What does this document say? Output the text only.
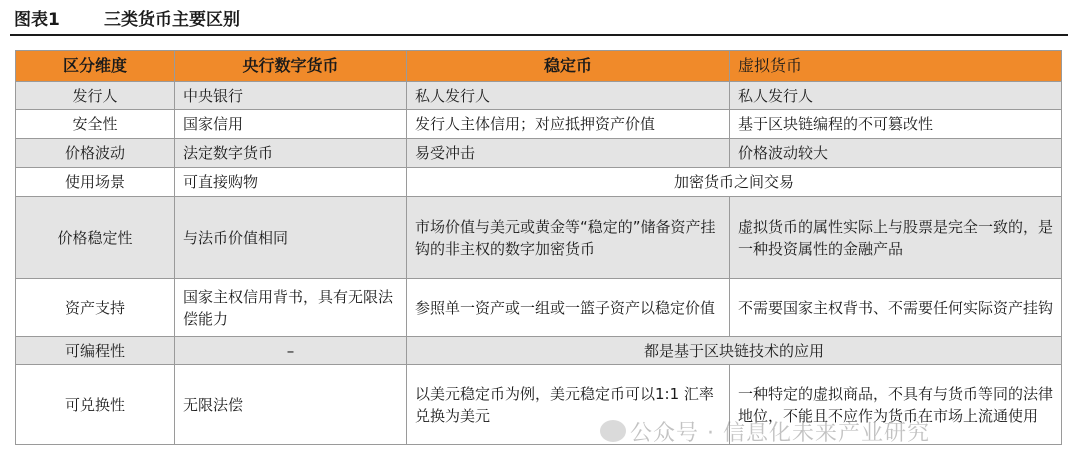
图表1	三类货币主要区别
区分维度	央行数字货币	稳定币	虚拟货币
发行人	中央银行	私人发行人	私人发行人
安全性	国家信用	发行人主体信用；对应抵押资产价值	基于区块链编程的不可篡改性
价格波动	法定数字货币	易受冲击	价格波动较大
使用场景	可直接购物	加密货币之间交易	
价格稳定性	与法币价值相同	市场价值与美元或黄金等“稳定的”储备资产挂钩的非主权的数字加密货币	虚拟货币的属性实际上与股票是完全一致的，是一种投资属性的金融产品
资产支持	国家主权信用背书，具有无限法偿能力	参照单一资产或一组或一篮子资产以稳定价值	不需要国家主权背书、不需要任何实际资产挂钩
可编程性	–	都是基于区块链技术的应用	
可兑换性	无限法偿	以美元稳定币为例，美元稳定币可以1:1 汇率兑换为美元	一种特定的虚拟商品，不具有与货币等同的法律地位，不能且不应作为货币在市场上流通使用
公众号 · 信息化未来产业研究
